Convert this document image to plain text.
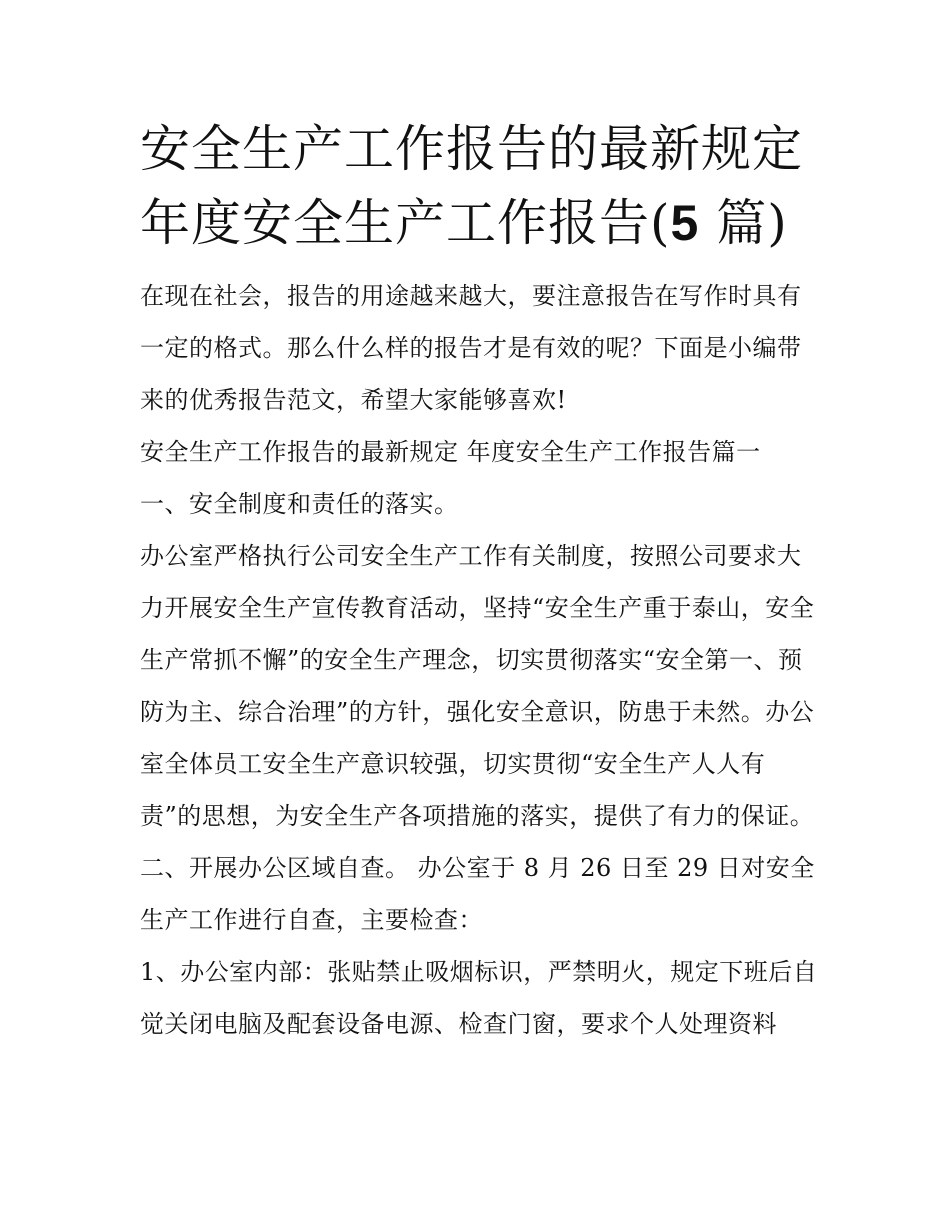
安全生产工作报告的最新规定
年度安全生产工作报告(5 篇)

在现在社会，报告的用途越来越大，要注意报告在写作时具有一定的格式。那么什么样的报告才是有效的呢？下面是小编带来的优秀报告范文，希望大家能够喜欢!

安全生产工作报告的最新规定 年度安全生产工作报告篇一

一、安全制度和责任的落实。

办公室严格执行公司安全生产工作有关制度，按照公司要求大力开展安全生产宣传教育活动，坚持“安全生产重于泰山，安全生产常抓不懈”的安全生产理念，切实贯彻落实“安全第一、预防为主、综合治理”的方针，强化安全意识，防患于未然。办公室全体员工安全生产意识较强，切实贯彻“安全生产人人有责”的思想，为安全生产各项措施的落实，提供了有力的保证。

二、开展办公区域自查。 办公室于 8 月 26 日至 29 日对安全生产工作进行自查，主要检查：

1、办公室内部：张贴禁止吸烟标识，严禁明火，规定下班后自觉关闭电脑及配套设备电源、检查门窗，要求个人处理资料
